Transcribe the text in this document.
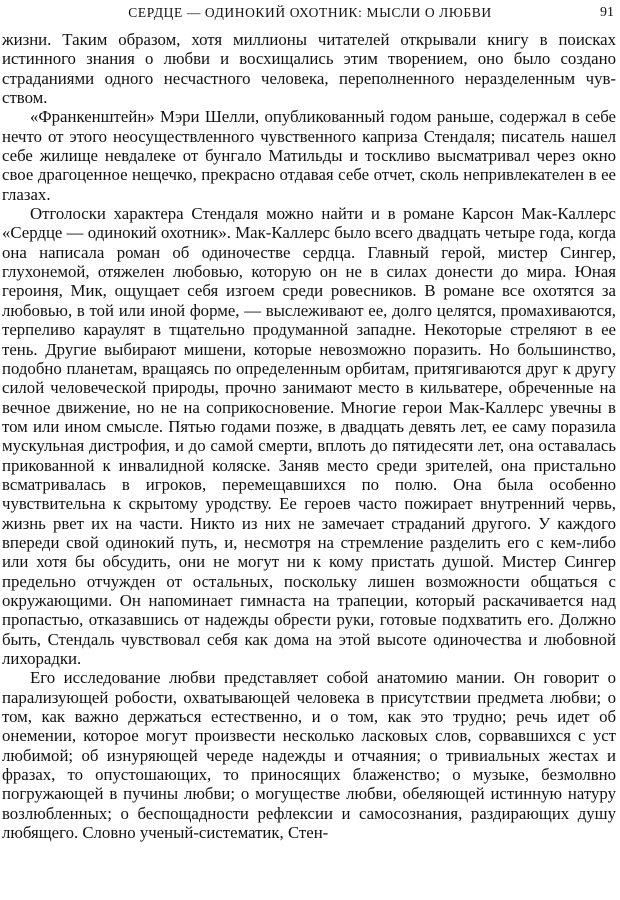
СЕРДЦЕ — ОДИНОКИЙ ОХОТНИК: МЫСЛИ О ЛЮБВИ	91

жизни. Таким образом, хотя миллионы читателей открывали книгу в поисках истинного знания о любви и восхищались этим творением, оно было создано страданиями одного несчастного человека, переполненного неразделенным чувством.

«Франкенштейн» Мэри Шелли, опубликованный годом раньше, содержал в себе нечто от этого неосуществленного чувственного каприза Стендаля; писатель нашел себе жилище невдалеке от бунгало Матильды и тоскливо высматривал через окно свое драгоценное нещечко, прекрасно отдавая себе отчет, сколь непривлекателен в ее глазах.

Отголоски характера Стендаля можно найти и в романе Карсон Мак-Каллерс «Сердце — одинокий охотник». Мак-Каллерс было всего двадцать четыре года, когда она написала роман об одиночестве сердца. Главный герой, мистер Сингер, глухонемой, отяжелен любовью, которую он не в силах донести до мира. Юная героиня, Мик, ощущает себя изгоем среди ровесников. В романе все охотятся за любовью, в той или иной форме, — выслеживают ее, долго целятся, промахиваются, терпеливо караулят в тщательно продуманной западне. Некоторые стреляют в ее тень. Другие выбирают мишени, которые невозможно поразить. Но большинство, подобно планетам, вращаясь по определенным орбитам, притягиваются друг к другу силой человеческой природы, прочно занимают место в кильватере, обреченные на вечное движение, но не на соприкосновение. Многие герои Мак-Каллерс увечны в том или ином смысле. Пятью годами позже, в двадцать девять лет, ее саму поразила мускульная дистрофия, и до самой смерти, вплоть до пятидесяти лет, она оставалась прикованной к инвалидной коляске. Заняв место среди зрителей, она пристально всматривалась в игроков, перемещавшихся по полю. Она была особенно чувствительна к скрытому уродству. Ее героев часто пожирает внутренний червь, жизнь рвет их на части. Никто из них не замечает страданий другого. У каждого впереди свой одинокий путь, и, несмотря на стремление разделить его с кем-либо или хотя бы обсудить, они не могут ни к кому пристать душой. Мистер Сингер предельно отчужден от остальных, поскольку лишен возможности общаться с окружающими. Он напоминает гимнаста на трапеции, который раскачивается над пропастью, отказавшись от надежды обрести руки, готовые подхватить его. Должно быть, Стендаль чувствовал себя как дома на этой высоте одиночества и любовной лихорадки.

Его исследование любви представляет собой анатомию мании. Он говорит о парализующей робости, охватывающей человека в присутствии предмета любви; о том, как важно держаться естественно, и о том, как это трудно; речь идет об онемении, которое могут произвести несколько ласковых слов, сорвавшихся с уст любимой; об изнуряющей череде надежды и отчаяния; о тривиальных жестах и фразах, то опустошающих, то приносящих блаженство; о музыке, безмолвно погружающей в пучины любви; о могуществе любви, обеляющей истинную натуру возлюбленных; о беспощадности рефлексии и самосознания, раздирающих душу любящего. Словно ученый-систематик, Стен-
